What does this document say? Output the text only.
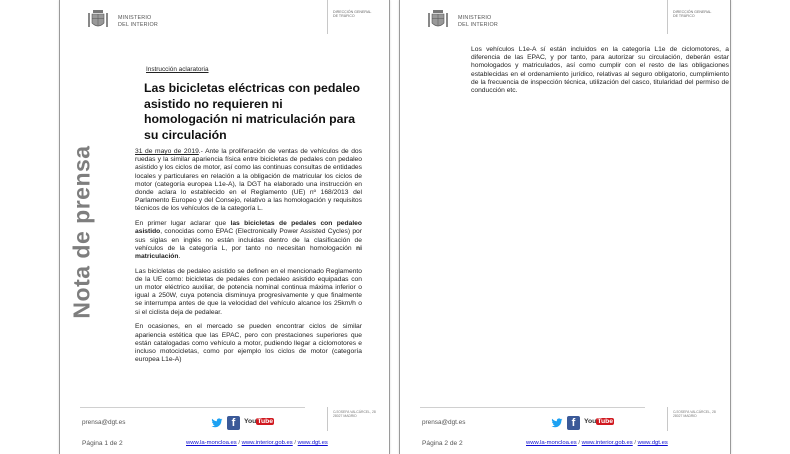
MINISTERIO
DEL INTERIOR
DIRECCIÓN GENERAL
DE TRÁFICO
Nota de prensa
Instrucción aclaratoria
Las bicicletas eléctricas con pedaleo asistido no requieren ni homologación ni matriculación para su circulación

31 de mayo de 2019.- Ante la proliferación de ventas de vehículos de dos ruedas y la similar apariencia física entre bicicletas de pedales con pedaleo asistido y los ciclos de motor, así como las continuas consultas de entidades locales y particulares en relación a la obligación de matricular los ciclos de motor (categoría europea L1e-A), la DGT ha elaborado una instrucción en donde aclara lo establecido en el Reglamento (UE) nº 168/2013 del Parlamento Europeo y del Consejo, relativo a las homologación y requisitos técnicos de los vehículos de la categoría L.

En primer lugar aclarar que las bicicletas de pedales con pedaleo asistido, conocidas como EPAC (Electronically Power Assisted Cycles) por sus siglas en inglés no están incluidas dentro de la clasificación de vehículos de la categoría L, por tanto no necesitan homologación ni matriculación.

Las bicicletas de pedaleo asistido se definen en el mencionado Reglamento de la UE como: bicicletas de pedales con pedaleo asistido equipadas con un motor eléctrico auxiliar, de potencia nominal continua máxima inferior o igual a 250W, cuya potencia disminuya progresivamente y que finalmente se interrumpa antes de que la velocidad del vehículo alcance los 25km/h o si el ciclista deja de pedalear.

En ocasiones, en el mercado se pueden encontrar ciclos de similar apariencia estética que las EPAC, pero con prestaciones superiores que están catalogadas como vehículo a motor, pudiendo llegar a ciclomotores e incluso motocicletas, como por ejemplo los ciclos de motor (categoría europea L1e-A)

prensa@dgt.es	f	YouTube
C/JOSEFA VALCÁRCEL, 28
28027 MADRID
Página 1 de 2	www.la-moncloa.es / www.interior.gob.es / www.dgt.es
MINISTERIO
DEL INTERIOR
DIRECCIÓN GENERAL
DE TRÁFICO

Los vehículos L1e-A sí están incluidos en la categoría L1e de ciclomotores, a diferencia de las EPAC, y por tanto, para autorizar su circulación, deberán estar homologados y matriculados, así como cumplir con el resto de las obligaciones establecidas en el ordenamiento jurídico, relativas al seguro obligatorio, cumplimiento de la frecuencia de inspección técnica, utilización del casco, titularidad del permiso de conducción etc.

prensa@dgt.es	f	YouTube
C/JOSEFA VALCÁRCEL, 28
28027 MADRID
Página 2 de 2	www.la-moncloa.es / www.interior.gob.es / www.dgt.es
